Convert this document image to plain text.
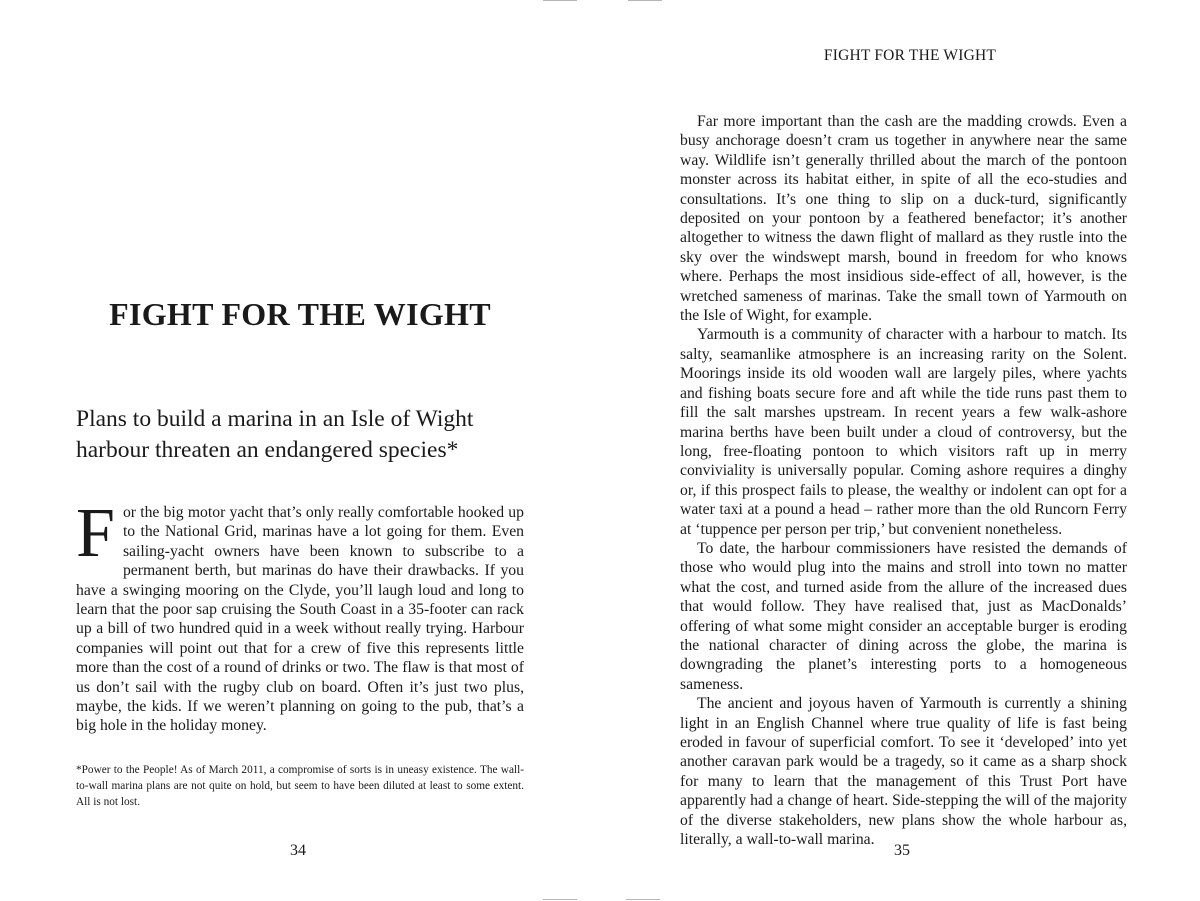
FIGHT FOR THE WIGHT

Plans to build a marina in an Isle of Wight harbour threaten an endangered species*

For the big motor yacht that’s only really comfortable hooked up to the National Grid, marinas have a lot going for them. Even sailing-yacht owners have been known to subscribe to a permanent berth, but marinas do have their drawbacks. If you have a swinging mooring on the Clyde, you’ll laugh loud and long to learn that the poor sap cruising the South Coast in a 35-footer can rack up a bill of two hundred quid in a week without really trying. Harbour companies will point out that for a crew of five this represents little more than the cost of a round of drinks or two. The flaw is that most of us don’t sail with the rugby club on board. Often it’s just two plus, maybe, the kids. If we weren’t planning on going to the pub, that’s a big hole in the holiday money.

*Power to the People! As of March 2011, a compromise of sorts is in uneasy existence. The wall-to-wall marina plans are not quite on hold, but seem to have been diluted at least to some extent. All is not lost.

34

FIGHT FOR THE WIGHT

Far more important than the cash are the madding crowds. Even a busy anchorage doesn’t cram us together in anywhere near the same way. Wildlife isn’t generally thrilled about the march of the pontoon monster across its habitat either, in spite of all the eco-studies and consultations. It’s one thing to slip on a duck-turd, significantly deposited on your pontoon by a feathered benefactor; it’s another altogether to witness the dawn flight of mallard as they rustle into the sky over the windswept marsh, bound in freedom for who knows where. Perhaps the most insidious side-effect of all, however, is the wretched sameness of marinas. Take the small town of Yarmouth on the Isle of Wight, for example.

Yarmouth is a community of character with a harbour to match. Its salty, seamanlike atmosphere is an increasing rarity on the Solent. Moorings inside its old wooden wall are largely piles, where yachts and fishing boats secure fore and aft while the tide runs past them to fill the salt marshes upstream. In recent years a few walk-ashore marina berths have been built under a cloud of controversy, but the long, free-floating pontoon to which visitors raft up in merry conviviality is universally popular. Coming ashore requires a dinghy or, if this prospect fails to please, the wealthy or indolent can opt for a water taxi at a pound a head – rather more than the old Runcorn Ferry at ‘tuppence per person per trip,’ but convenient nonetheless.

To date, the harbour commissioners have resisted the demands of those who would plug into the mains and stroll into town no matter what the cost, and turned aside from the allure of the increased dues that would follow. They have realised that, just as MacDonalds’ offering of what some might consider an acceptable burger is eroding the national character of dining across the globe, the marina is downgrading the planet’s interesting ports to a homogeneous sameness.

The ancient and joyous haven of Yarmouth is currently a shining light in an English Channel where true quality of life is fast being eroded in favour of superficial comfort. To see it ‘developed’ into yet another caravan park would be a tragedy, so it came as a sharp shock for many to learn that the management of this Trust Port have apparently had a change of heart. Side-stepping the will of the majority of the diverse stakeholders, new plans show the whole harbour as, literally, a wall-to-wall marina.

35
